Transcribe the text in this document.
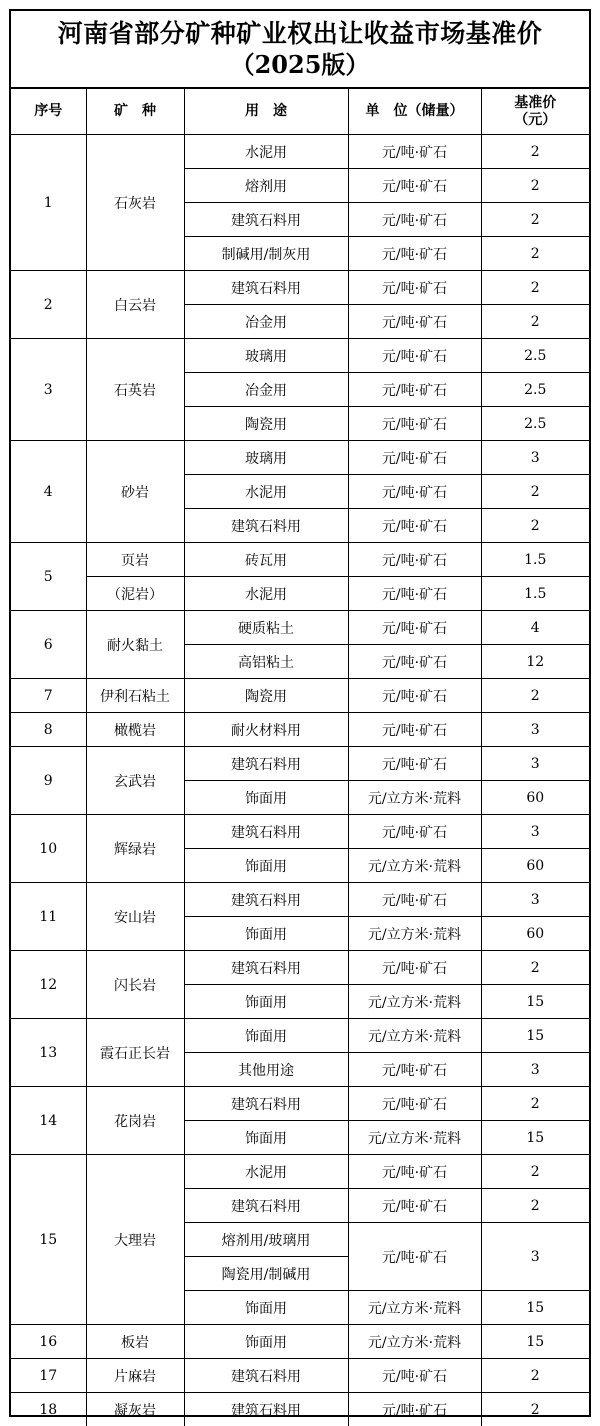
河南省部分矿种矿业权出让收益市场基准价
（2025版）
序号	矿　种	用　途	单　位（储量）	基准价（元）
1	石灰岩	水泥用	元/吨·矿石	2
		熔剂用	元/吨·矿石	2
		建筑石料用	元/吨·矿石	2
		制碱用/制灰用	元/吨·矿石	2
2	白云岩	建筑石料用	元/吨·矿石	2
		冶金用	元/吨·矿石	2
3	石英岩	玻璃用	元/吨·矿石	2.5
		冶金用	元/吨·矿石	2.5
		陶瓷用	元/吨·矿石	2.5
4	砂岩	玻璃用	元/吨·矿石	3
		水泥用	元/吨·矿石	2
		建筑石料用	元/吨·矿石	2
5	页岩	砖瓦用	元/吨·矿石	1.5
	（泥岩）	水泥用	元/吨·矿石	1.5
6	耐火黏土	硬质粘土	元/吨·矿石	4
		高铝粘土	元/吨·矿石	12
7	伊利石粘土	陶瓷用	元/吨·矿石	2
8	橄榄岩	耐火材料用	元/吨·矿石	3
9	玄武岩	建筑石料用	元/吨·矿石	3
		饰面用	元/立方米·荒料	60
10	辉绿岩	建筑石料用	元/吨·矿石	3
		饰面用	元/立方米·荒料	60
11	安山岩	建筑石料用	元/吨·矿石	3
		饰面用	元/立方米·荒料	60
12	闪长岩	建筑石料用	元/吨·矿石	2
		饰面用	元/立方米·荒料	15
13	霞石正长岩	饰面用	元/立方米·荒料	15
		其他用途	元/吨·矿石	3
14	花岗岩	建筑石料用	元/吨·矿石	2
		饰面用	元/立方米·荒料	15
15	大理岩	水泥用	元/吨·矿石	2
		建筑石料用	元/吨·矿石	2
		熔剂用/玻璃用	元/吨·矿石	3
		陶瓷用/制碱用		
		饰面用	元/立方米·荒料	15
16	板岩	饰面用	元/立方米·荒料	15
17	片麻岩	建筑石料用	元/吨·矿石	2
18	凝灰岩	建筑石料用	元/吨·矿石	2
